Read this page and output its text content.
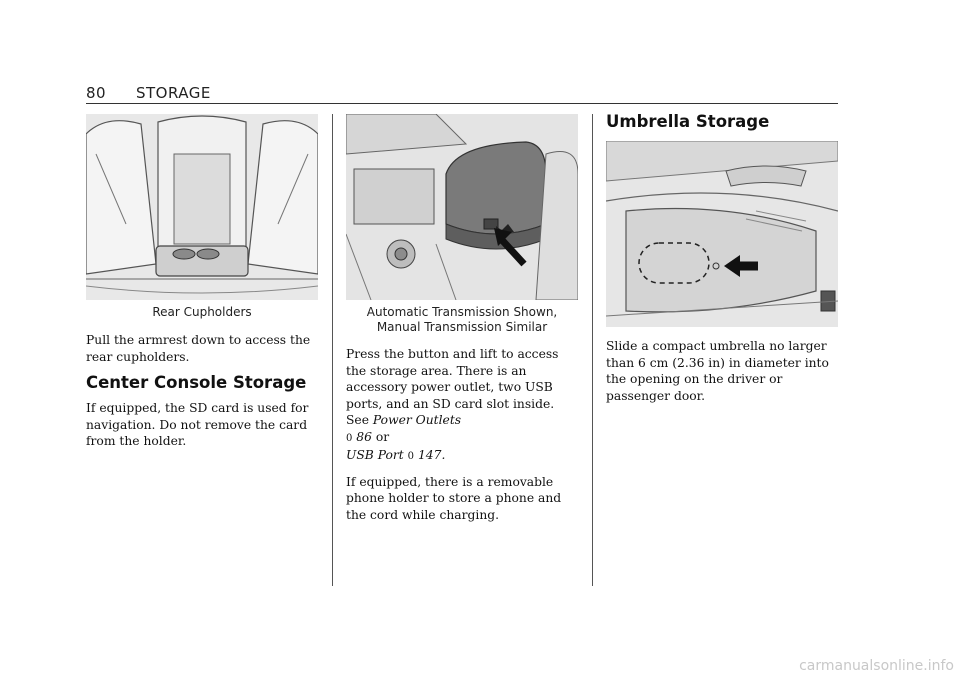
80 STORAGE
Rear Cupholders

Pull the armrest down to access the rear cupholders.

Center Console Storage

If equipped, the SD card is used for navigation. Do not remove the card from the holder.

Automatic Transmission Shown,
Manual Transmission Similar

Press the button and lift to access the storage area. There is an accessory power outlet, two USB ports, and an SD card slot inside. See Power Outlets
0 86 or
USB Port 0 147.

If equipped, there is a removable phone holder to store a phone and the cord while charging.

Umbrella Storage

Slide a compact umbrella no larger than 6 cm (2.36 in) in diameter into the opening on the driver or passenger door.

carmanualsonline.info
